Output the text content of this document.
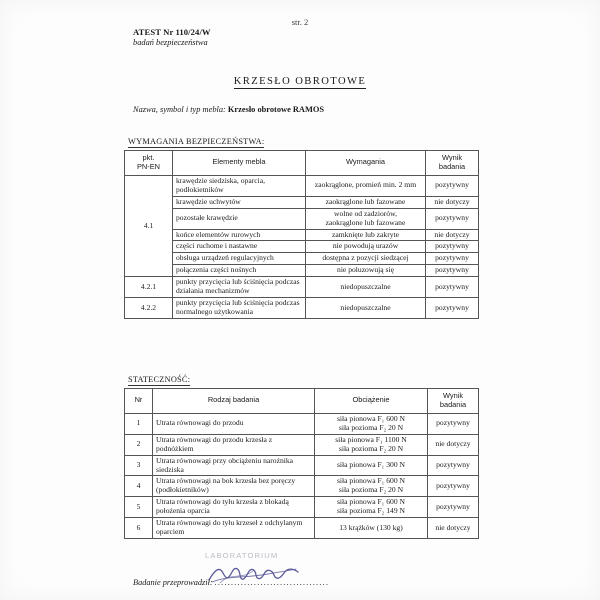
str. 2
ATEST Nr 110/24/W
badań bezpieczeństwa
KRZESŁO OBROTOWE
Nazwa, symbol i typ mebla: Krzesło obrotowe RAMOS
WYMAGANIA BEZPIECZEŃSTWA:
pkt.
PN-EN	Elementy mebla	Wymagania	Wynik
badania

4.1	krawędzie siedziska, oparcia, podłokietników	zaokrąglone, promień min. 2 mm	pozytywny

	krawędzie uchwytów	zaokrąglone lub fazowane	nie dotyczy

	pozostałe krawędzie	wolne od zadziorów,
zaokrąglone lub fazowane	pozytywny

	końce elementów rurowych	zamknięte lub zakryte	nie dotyczy

	części ruchome i nastawne	nie powodują urazów	pozytywny

	obsługa urządzeń regulacyjnych	dostępna z pozycji siedzącej	pozytywny

	połączenia części nośnych	nie poluzowują się	pozytywny
4.2.1	punkty przycięcia lub ściśnięcia podczas działania mechanizmów	niedopuszczalne	pozytywny
4.2.2	punkty przycięcia lub ściśnięcia podczas normalnego użytkowania	niedopuszczalne	pozytywny
STATECZNOŚĆ:
Nr	Rodzaj badania	Obciążenie	Wynik
badania

1	Utrata równowagi do przodu	siła pionowa F₁ 600 N
siła pozioma F₂ 20 N	pozytywny
2	Utrata równowagi do przodu krzesła z podnóżkiem	siła pionowa F₁ 1100 N
siła pozioma F₂ 20 N	nie dotyczy
3	Utrata równowagi przy obciążeniu narożnika siedziska	siła pionowa F₁ 300 N	pozytywny
4	Utrata równowagi na bok krzesła bez poręczy (podłokietników)	siła pionowa F₁ 600 N
siła pozioma F₂ 20 N	pozytywny
5	Utrata równowagi do tyłu krzesła z blokadą położenia oparcia	siła pionowa F₁ 600 N
siła pozioma F₂ 149 N	pozytywny
6	Utrata równowagi do tyłu krzeseł z odchylanym oparciem	13 krążków (130 kg)	nie dotyczy
LABORATORIUM
Badanie przeprowadził: ...................................
